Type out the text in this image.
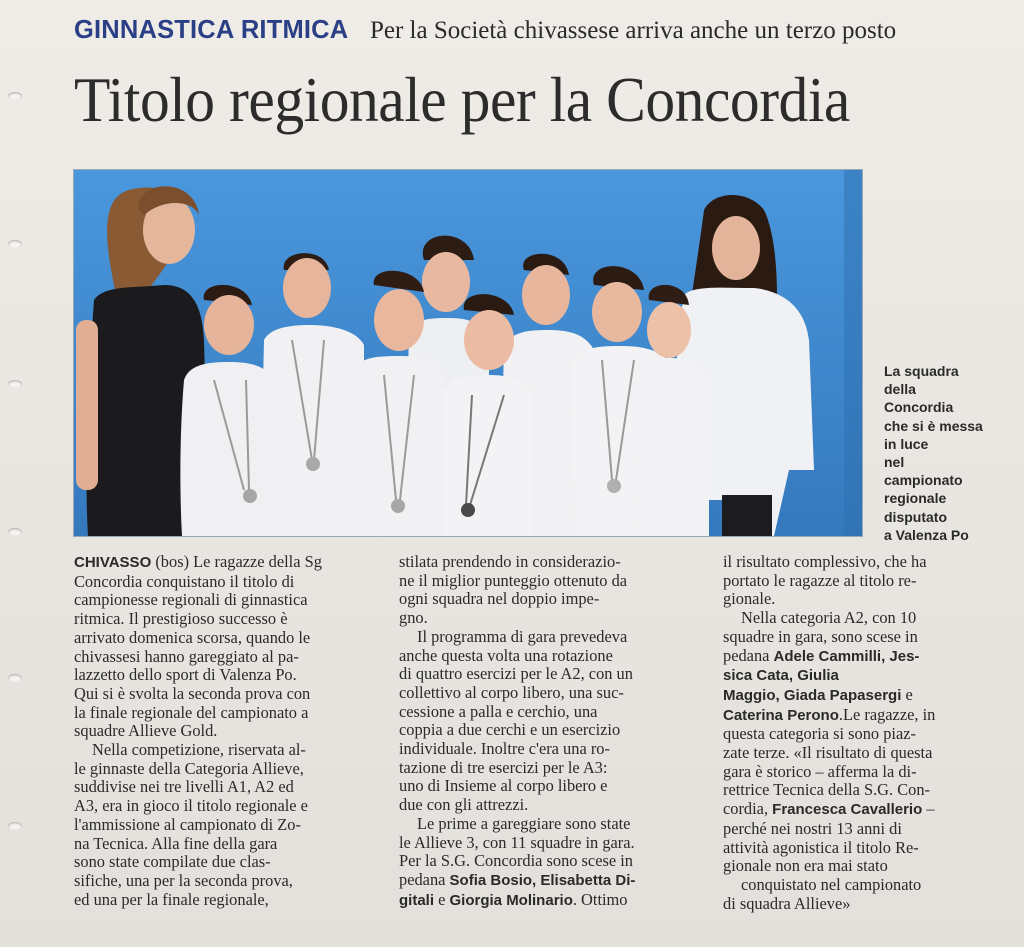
GINNASTICA RITMICA Per la Società chivassese arriva anche un terzo posto
Titolo regionale per la Concordia
La squadra
della
Concordia
che si è messa
in luce
nel
campionato
regionale
disputato
a Valenza Po
CHIVASSO (bos) Le ragazze della Sg
Concordia conquistano il titolo di
campionesse regionali di ginnastica
ritmica. Il prestigioso successo è
arrivato domenica scorsa, quando le
chivassesi hanno gareggiato al pa-
lazzetto dello sport di Valenza Po.
Qui si è svolta la seconda prova con
la finale regionale del campionato a
squadre Allieve Gold.
Nella competizione, riservata al-
le ginnaste della Categoria Allieve,
suddivise nei tre livelli A1, A2 ed
A3, era in gioco il titolo regionale e
l'ammissione al campionato di Zo-
na Tecnica. Alla fine della gara
sono state compilate due clas-
sifiche, una per la seconda prova,
ed una per la finale regionale,
stilata prendendo in considerazio-
ne il miglior punteggio ottenuto da
ogni squadra nel doppio impe-
gno.
Il programma di gara prevedeva
anche questa volta una rotazione
di quattro esercizi per le A2, con un
collettivo al corpo libero, una suc-
cessione a palla e cerchio, una
coppia a due cerchi e un esercizio
individuale. Inoltre c'era una ro-
tazione di tre esercizi per le A3:
uno di Insieme al corpo libero e
due con gli attrezzi.
Le prime a gareggiare sono state
le Allieve 3, con 11 squadre in gara.
Per la S.G. Concordia sono scese in
pedana Sofia Bosio, Elisabetta Di-
gitali e Giorgia Molinario. Ottimo
il risultato complessivo, che ha
portato le ragazze al titolo re-
gionale.
Nella categoria A2, con 10
squadre in gara, sono scese in
pedana Adele Cammilli, Jes-
sica Cata, Giulia
Maggio, Giada Papasergi e
Caterina Perono.Le ragazze, in
questa categoria si sono piaz-
zate terze. «Il risultato di questa
gara è storico – afferma la di-
rettrice Tecnica della S.G. Con-
cordia, Francesca Cavallerio –
perché nei nostri 13 anni di
attività agonistica il titolo Re-
gionale non era mai stato
conquistato nel campionato
di squadra Allieve»
